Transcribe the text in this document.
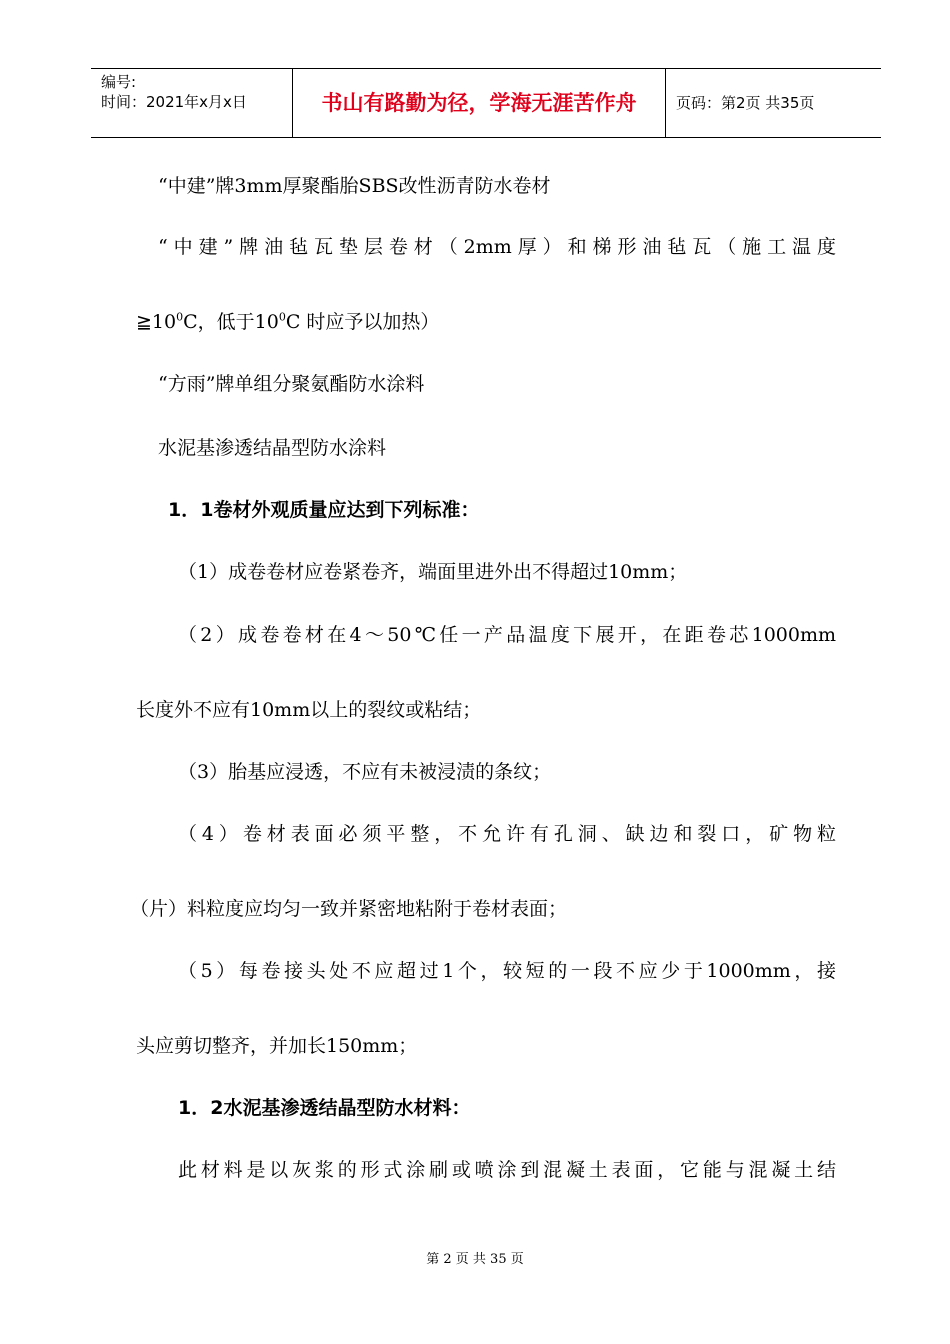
编号:
时间：2021年x月x日	书山有路勤为径，学海无涯苦作舟	页码：第2页 共35页
“中建”牌3mm厚聚酯胎SBS改性沥青防水卷材
“中建”牌油毡瓦垫层卷材（2mm厚）和梯形油毡瓦（施工温度
$≧10^0C$，低于$10^0C$ 时应予以加热）
“方雨”牌单组分聚氨酯防水涂料
水泥基渗透结晶型防水涂料
1．1卷材外观质量应达到下列标准：
（1）成卷卷材应卷紧卷齐，端面里进外出不得超过10mm；
（2）成卷卷材在4～50℃任一产品温度下展开，在距卷芯1000mm
长度外不应有10mm以上的裂纹或粘结；
（3）胎基应浸透，不应有未被浸渍的条纹；
（4）卷材表面必须平整，不允许有孔洞、缺边和裂口，矿物粒
（片）料粒度应均匀一致并紧密地粘附于卷材表面；
（5）每卷接头处不应超过1个，较短的一段不应少于1000mm，接
头应剪切整齐，并加长150mm；
1．2水泥基渗透结晶型防水材料：
此材料是以灰浆的形式涂刷或喷涂到混凝土表面，它能与混凝土结
第 2 页 共 35 页
